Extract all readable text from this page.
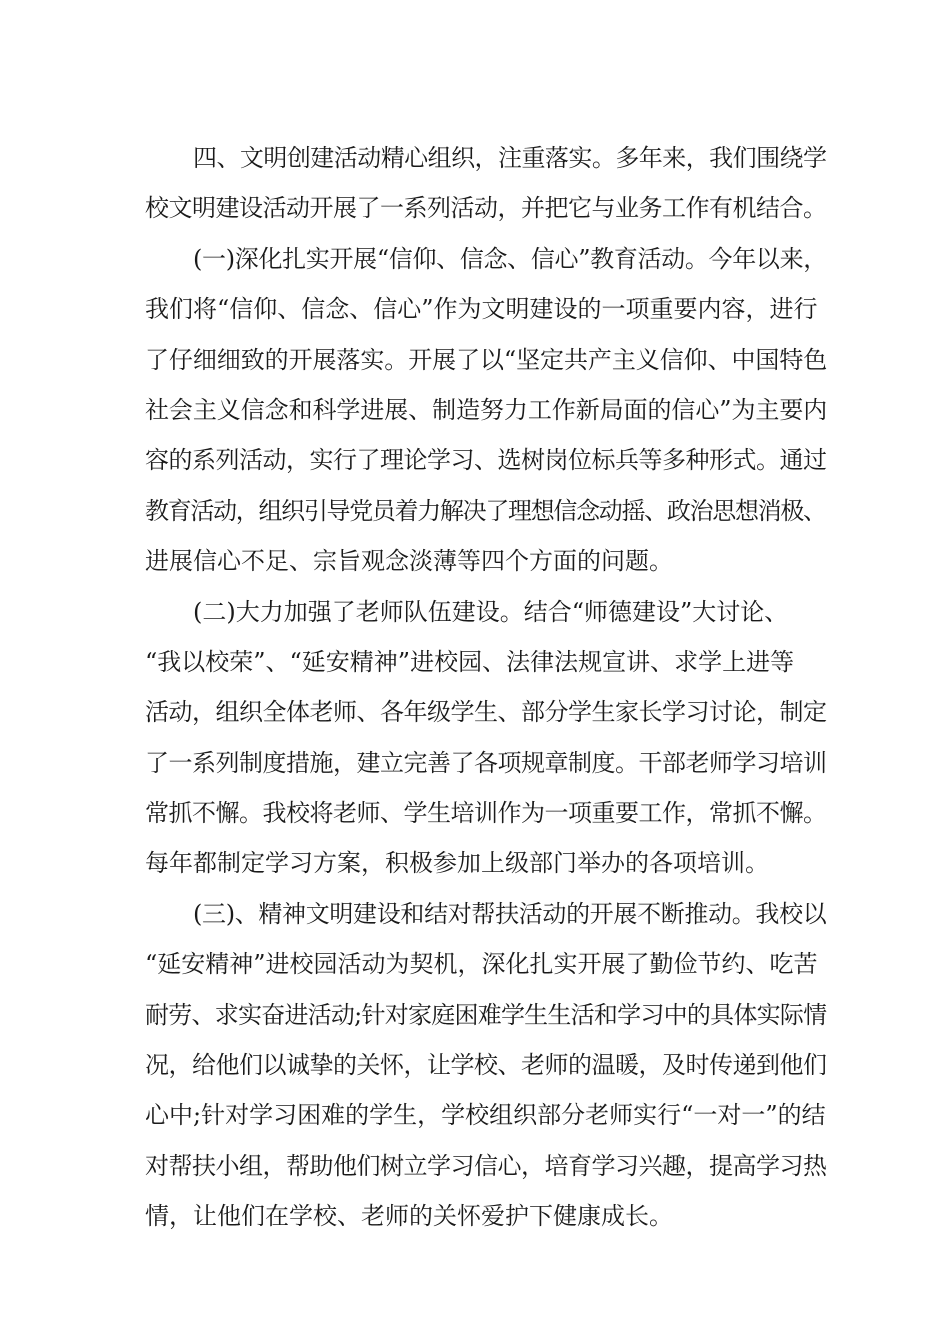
四、文明创建活动精心组织，注重落实。多年来，我们围绕学
校文明建设活动开展了一系列活动，并把它与业务工作有机结合。
(一)深化扎实开展“信仰、信念、信心”教育活动。今年以来，
我们将“信仰、信念、信心”作为文明建设的一项重要内容，进行
了仔细细致的开展落实。开展了以“坚定共产主义信仰、中国特色
社会主义信念和科学进展、制造努力工作新局面的信心”为主要内
容的系列活动，实行了理论学习、选树岗位标兵等多种形式。通过
教育活动，组织引导党员着力解决了理想信念动摇、政治思想消极、
进展信心不足、宗旨观念淡薄等四个方面的问题。
(二)大力加强了老师队伍建设。结合“师德建设”大讨论、
“我以校荣”、“延安精神”进校园、法律法规宣讲、求学上进等
活动，组织全体老师、各年级学生、部分学生家长学习讨论，制定
了一系列制度措施，建立完善了各项规章制度。干部老师学习培训
常抓不懈。我校将老师、学生培训作为一项重要工作，常抓不懈。
每年都制定学习方案，积极参加上级部门举办的各项培训。
(三)、精神文明建设和结对帮扶活动的开展不断推动。我校以
“延安精神”进校园活动为契机，深化扎实开展了勤俭节约、吃苦
耐劳、求实奋进活动;针对家庭困难学生生活和学习中的具体实际情
况，给他们以诚挚的关怀，让学校、老师的温暖，及时传递到他们
心中;针对学习困难的学生，学校组织部分老师实行“一对一”的结
对帮扶小组，帮助他们树立学习信心，培育学习兴趣，提高学习热
情，让他们在学校、老师的关怀爱护下健康成长。
